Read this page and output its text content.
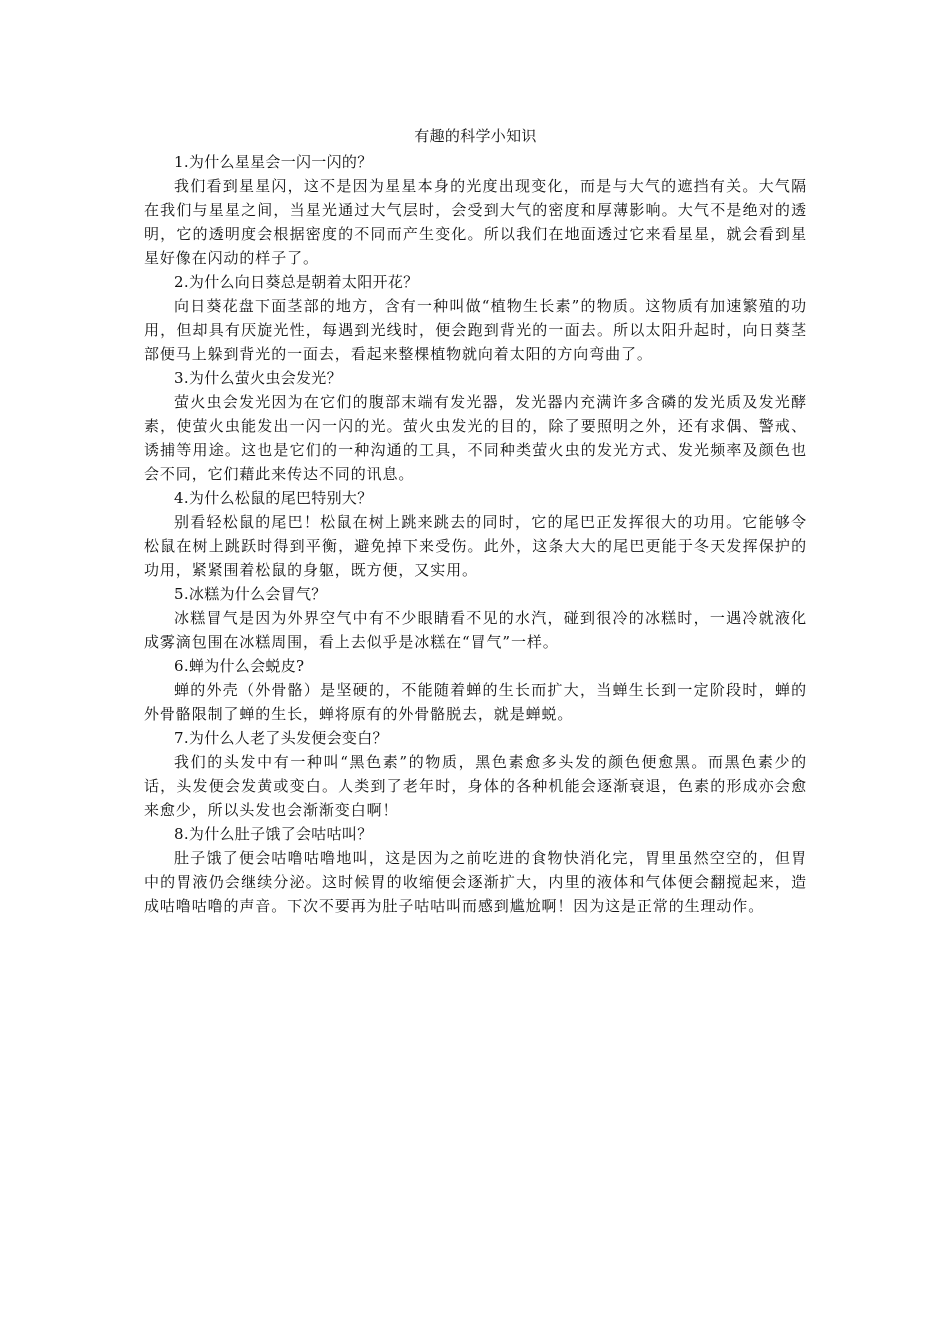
有趣的科学小知识

1.为什么星星会一闪一闪的？

我们看到星星闪，这不是因为星星本身的光度出现变化，而是与大气的遮挡有关。大气隔在我们与星星之间，当星光通过大气层时，会受到大气的密度和厚薄影响。大气不是绝对的透明，它的透明度会根据密度的不同而产生变化。所以我们在地面透过它来看星星，就会看到星星好像在闪动的样子了。

2.为什么向日葵总是朝着太阳开花？

向日葵花盘下面茎部的地方，含有一种叫做“植物生长素”的物质。这物质有加速繁殖的功用，但却具有厌旋光性，每遇到光线时，便会跑到背光的一面去。所以太阳升起时，向日葵茎部便马上躲到背光的一面去，看起来整棵植物就向着太阳的方向弯曲了。

3.为什么萤火虫会发光？

萤火虫会发光因为在它们的腹部末端有发光器，发光器内充满许多含磷的发光质及发光酵素，使萤火虫能发出一闪一闪的光。萤火虫发光的目的，除了要照明之外，还有求偶、警戒、诱捕等用途。这也是它们的一种沟通的工具，不同种类萤火虫的发光方式、发光频率及颜色也会不同，它们藉此来传达不同的讯息。

4.为什么松鼠的尾巴特别大？

别看轻松鼠的尾巴！松鼠在树上跳来跳去的同时，它的尾巴正发挥很大的功用。它能够令松鼠在树上跳跃时得到平衡，避免掉下来受伤。此外，这条大大的尾巴更能于冬天发挥保护的功用，紧紧围着松鼠的身躯，既方便，又实用。

5.冰糕为什么会冒气？

冰糕冒气是因为外界空气中有不少眼睛看不见的水汽，碰到很冷的冰糕时，一遇冷就液化成雾滴包围在冰糕周围，看上去似乎是冰糕在“冒气”一样。

6.蝉为什么会蜕皮?

蝉的外壳（外骨骼）是坚硬的，不能随着蝉的生长而扩大，当蝉生长到一定阶段时，蝉的外骨骼限制了蝉的生长，蝉将原有的外骨骼脱去，就是蝉蜕。

7.为什么人老了头发便会变白？

我们的头发中有一种叫“黑色素”的物质，黑色素愈多头发的颜色便愈黑。而黑色素少的话，头发便会发黄或变白。人类到了老年时，身体的各种机能会逐渐衰退，色素的形成亦会愈来愈少，所以头发也会渐渐变白啊！

8.为什么肚子饿了会咕咕叫？

肚子饿了便会咕噜咕噜地叫，这是因为之前吃进的食物快消化完，胃里虽然空空的，但胃中的胃液仍会继续分泌。这时候胃的收缩便会逐渐扩大，内里的液体和气体便会翻搅起来，造成咕噜咕噜的声音。下次不要再为肚子咕咕叫而感到尴尬啊！因为这是正常的生理动作。
